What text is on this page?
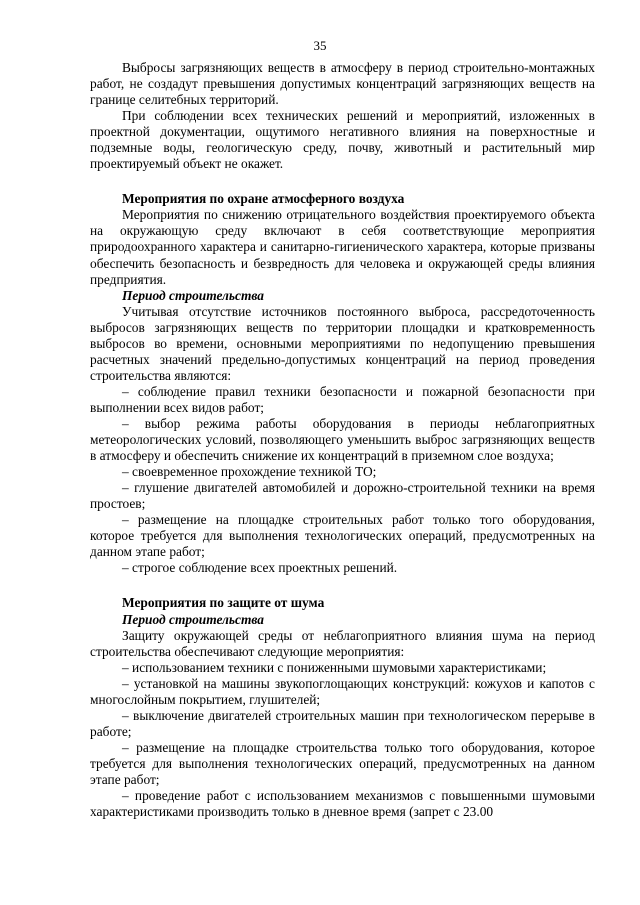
35

Выбросы загрязняющих веществ в атмосферу в период строительно-монтажных работ, не создадут превышения допустимых концентраций загрязняющих веществ на границе селитебных территорий.

При соблюдении всех технических решений и мероприятий, изложенных в проектной документации, ощутимого негативного влияния на поверхностные и подземные воды, геологическую среду, почву, животный и растительный мир проектируемый объект не окажет.

Мероприятия по охране атмосферного воздуха

Мероприятия по снижению отрицательного воздействия проектируемого объекта на окружающую среду включают в себя соответствующие мероприятия природоохранного характера и санитарно-гигиенического характера, которые призваны обеспечить безопасность и безвредность для человека и окружающей среды влияния предприятия.

Период строительства

Учитывая отсутствие источников постоянного выброса, рассредоточенность выбросов загрязняющих веществ по территории площадки и кратковременность выбросов во времени, основными мероприятиями по недопущению превышения расчетных значений предельно-допустимых концентраций на период проведения строительства являются:

– соблюдение правил техники безопасности и пожарной безопасности при выполнении всех видов работ;

– выбор режима работы оборудования в периоды неблагоприятных метеорологических условий, позволяющего уменьшить выброс загрязняющих веществ в атмосферу и обеспечить снижение их концентраций в приземном слое воздуха;

– своевременное прохождение техникой ТО;

– глушение двигателей автомобилей и дорожно-строительной техники на время простоев;

– размещение на площадке строительных работ только того оборудования, которое требуется для выполнения технологических операций, предусмотренных на данном этапе работ;

– строгое соблюдение всех проектных решений.

Мероприятия по защите от шума

Период строительства

Защиту окружающей среды от неблагоприятного влияния шума на период строительства обеспечивают следующие мероприятия:

– использованием техники с пониженными шумовыми характеристиками;

– установкой на машины звукопоглощающих конструкций: кожухов и капотов с многослойным покрытием, глушителей;

– выключение двигателей строительных машин при технологическом перерыве в работе;

– размещение на площадке строительства только того оборудования, которое требуется для выполнения технологических операций, предусмотренных на данном этапе работ;

– проведение работ с использованием механизмов с повышенными шумовыми характеристиками производить только в дневное время (запрет с 23.00
